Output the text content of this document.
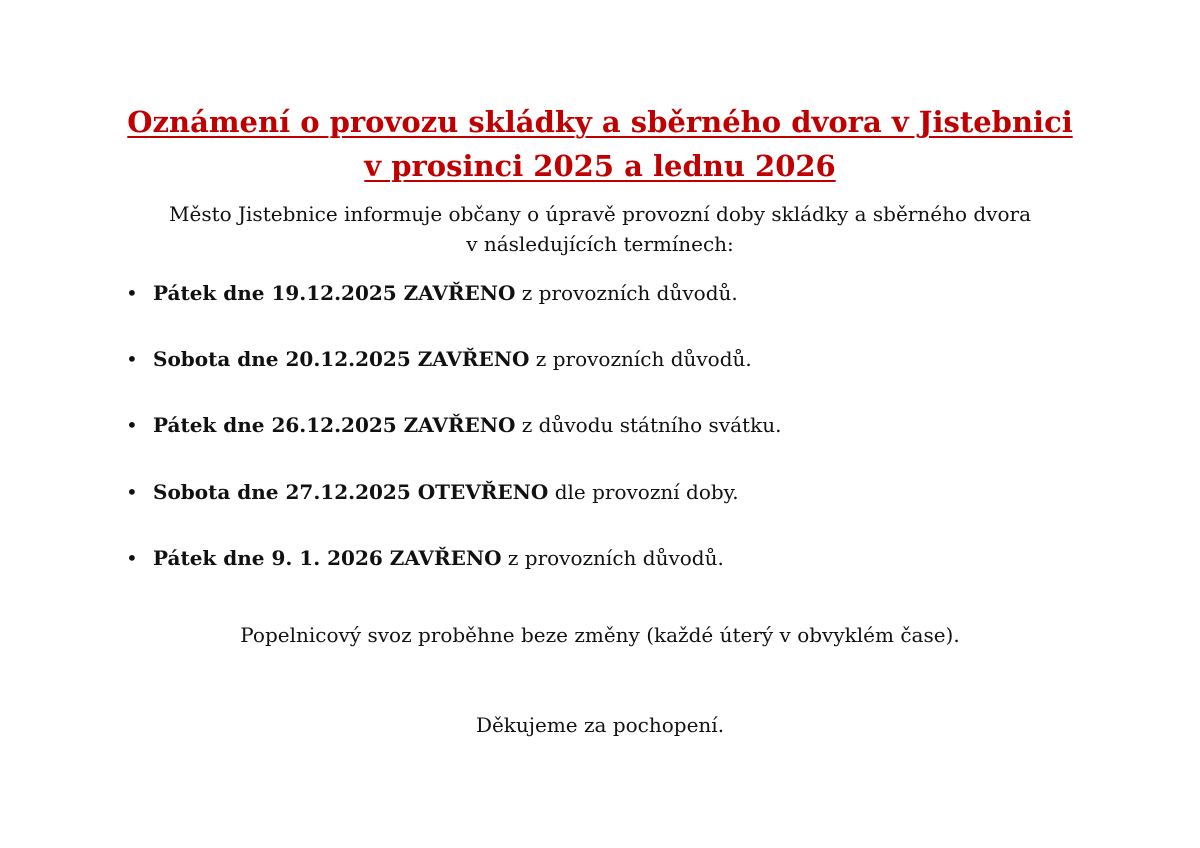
Oznámení o provozu skládky a sběrného dvora v Jistebnici
v prosinci 2025 a lednu 2026

Město Jistebnice informuje občany o úpravě provozní doby skládky a sběrného dvora

v následujících termínech:

• Pátek dne 19.12.2025 ZAVŘENO z provozních důvodů.
• Sobota dne 20.12.2025 ZAVŘENO z provozních důvodů.
• Pátek dne 26.12.2025 ZAVŘENO z důvodu státního svátku.
• Sobota dne 27.12.2025 OTEVŘENO dle provozní doby.
• Pátek dne 9. 1. 2026 ZAVŘENO z provozních důvodů.

Popelnicový svoz proběhne beze změny (každé úterý v obvyklém čase).

Děkujeme za pochopení.
